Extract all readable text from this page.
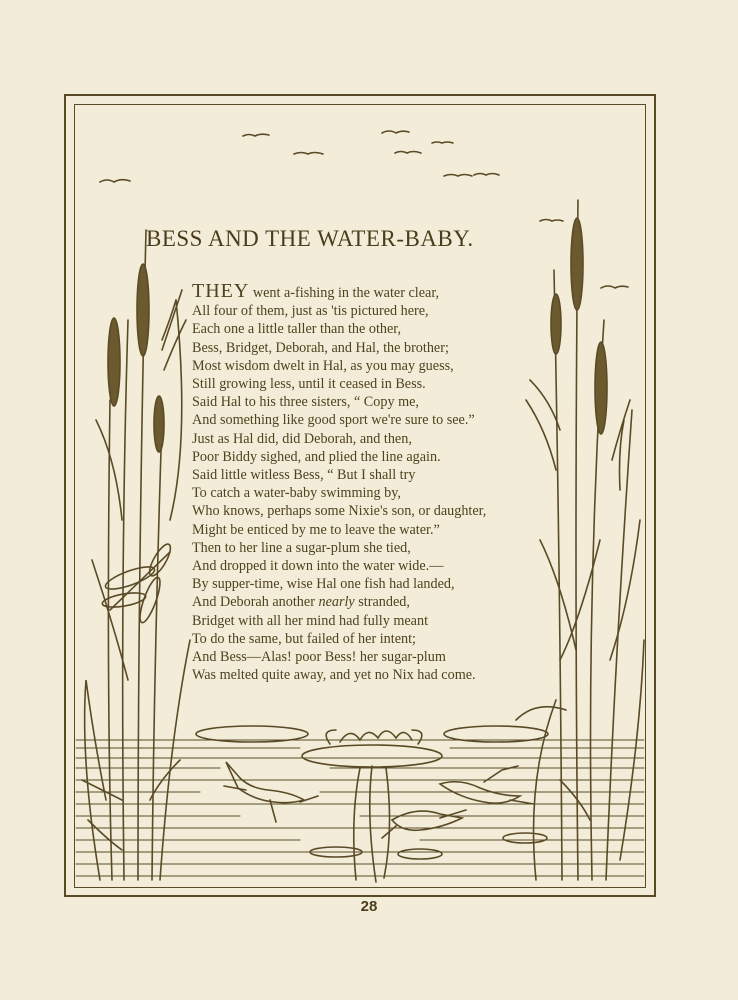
BESS AND THE WATER-BABY.
THEY went a-fishing in the water clear,
All four of them, just as 'tis pictured here,
Each one a little taller than the other,
Bess, Bridget, Deborah, and Hal, the brother;
Most wisdom dwelt in Hal, as you may guess,
Still growing less, until it ceased in Bess.
Said Hal to his three sisters, “ Copy me,
And something like good sport we're sure to see.”
Just as Hal did, did Deborah, and then,
Poor Biddy sighed, and plied the line again.
Said little witless Bess, “ But I shall try
To catch a water-baby swimming by,
Who knows, perhaps some Nixie's son, or daughter,
Might be enticed by me to leave the water.”
Then to her line a sugar-plum she tied,
And dropped it down into the water wide.—
By supper-time, wise Hal one fish had landed,
And Deborah another nearly stranded,
Bridget with all her mind had fully meant
To do the same, but failed of her intent;
And Bess—Alas! poor Bess! her sugar-plum
Was melted quite away, and yet no Nix had come.
28
